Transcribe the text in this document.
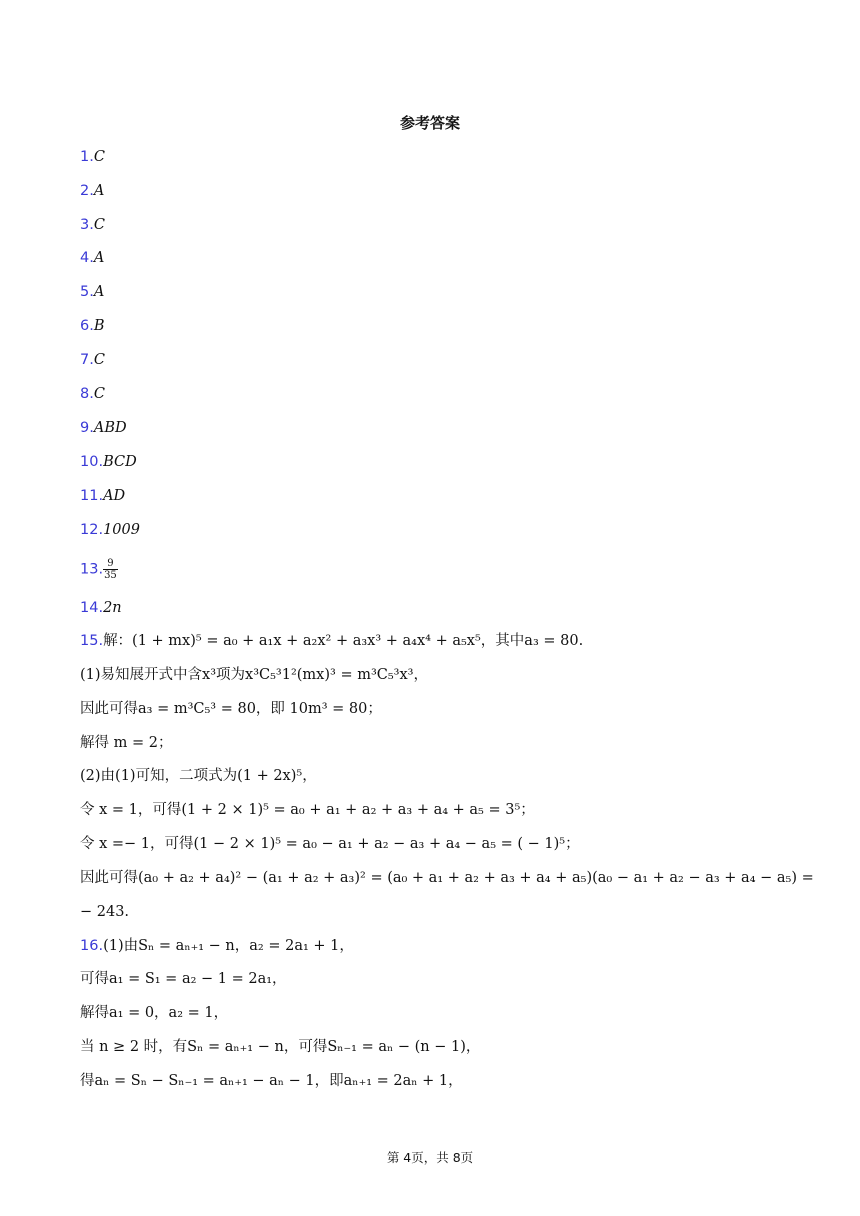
参考答案
1.C
2.A
3.C
4.A
5.A
6.B
7.C
8.C
9.ABD
10.BCD
11.AD
12.1009
13. $\frac{9}{35}$
14.2n
15.解：(1 + mx)⁵ = a₀ + a₁x + a₂x² + a₃x³ + a₄x⁴ + a₅x⁵，其中a₃ = 80.
(1)易知展开式中含x³项为x³C₅³1²(mx)³ = m³C₅³x³，
因此可得a₃ = m³C₅³ = 80，即 10m³ = 80；
解得 m = 2；
(2)由(1)可知，二项式为(1 + 2x)⁵，
令 x = 1，可得(1 + 2 × 1)⁵ = a₀ + a₁ + a₂ + a₃ + a₄ + a₅ = 3⁵；
令 x =− 1，可得(1 − 2 × 1)⁵ = a₀ − a₁ + a₂ − a₃ + a₄ − a₅ = ( − 1)⁵；
因此可得(a₀ + a₂ + a₄)² − (a₁ + a₂ + a₃)² = (a₀ + a₁ + a₂ + a₃ + a₄ + a₅)(a₀ − a₁ + a₂ − a₃ + a₄ − a₅) =
− 243.
16.(1)由Sₙ = aₙ₊₁ − n，a₂ = 2a₁ + 1，
可得a₁ = S₁ = a₂ − 1 = 2a₁，
解得a₁ = 0，a₂ = 1，
当 n ≥ 2 时，有Sₙ = aₙ₊₁ − n，可得Sₙ₋₁ = aₙ − (n − 1)，
得aₙ = Sₙ − Sₙ₋₁ = aₙ₊₁ − aₙ − 1，即aₙ₊₁ = 2aₙ + 1，
第 4页，共 8页
